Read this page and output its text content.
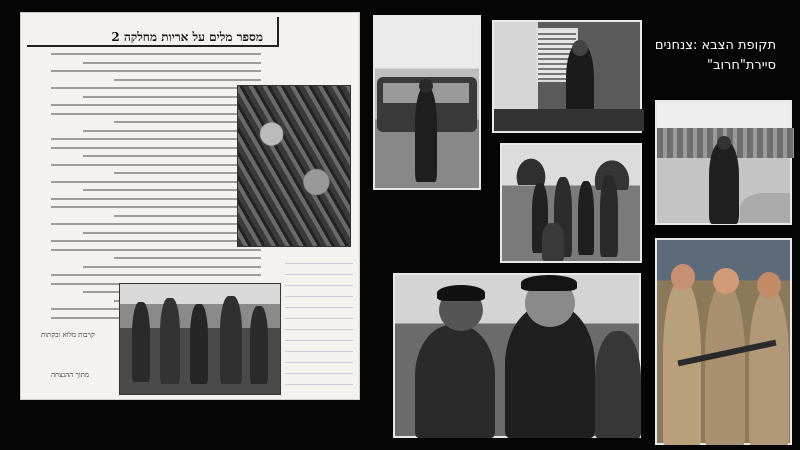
מספר מלים על אריות מחלקה 2
קרבות מלוא ובקתות
מתוך ההנצחה
תקופת הצבא :צנחנים
סיירת"חרוב"
